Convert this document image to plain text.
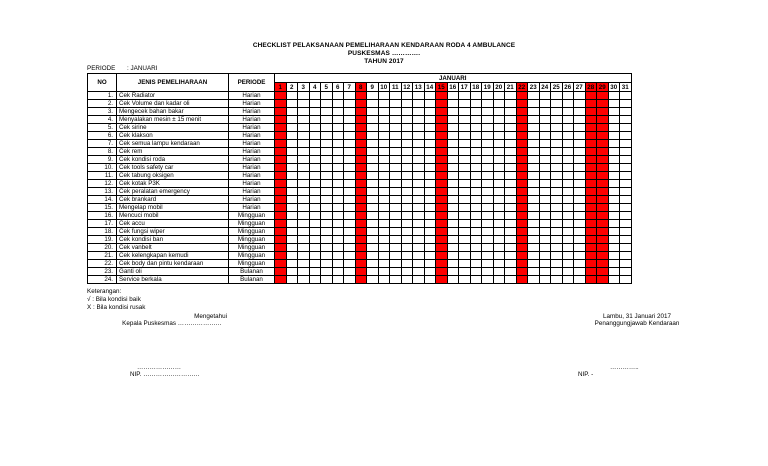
CHECKLIST PELAKSANAAN PEMELIHARAAN KENDARAAN RODA 4 AMBULANCE
PUSKESMAS ………….
TAHUN 2017
PERIODE : JANUARI
NO	JENIS PEMELIHARAAN	PERIODE	JANUARI																														
			1	2	3	4	5	6	7	8	9	10	11	12	13	14	15	16	17	18	19	20	21	22	23	24	25	26	27	28	29	30	31
1.	Cek Radiator	Harian																															
2.	Cek Volume dan kadar oli	Harian																															
3.	Mengecek bahan bakar	Harian																															
4.	Menyalakan mesin ± 15 menit	Harian																															
5.	Cek sirine	Harian																															
6.	Cek klakson	Harian																															
7.	Cek semua lampu kendaraan	Harian																															
8.	Cek rem	Harian																															
9.	Cek kondisi roda	Harian																															
10.	Cek tools safety car	Harian																															
11.	Cek tabung oksigen	Harian																															
12.	Cek kotak P3K	Harian																															
13.	Cek peralatan emergency	Harian																															
14.	Cek brankard	Harian																															
15.	Mengelap mobil	Harian																															
16.	Mencuci mobil	Mingguan																															
17.	Cek accu	Mingguan																															
18.	Cek fungsi wiper	Mingguan																															
19.	Cek kondisi ban	Mingguan																															
20.	Cek vanbelt	Mingguan																															
21.	Cek kelengkapan kemudi	Mingguan																															
22.	Cek body dan pintu kendaraan	Mingguan																															
23.	Ganti oli	Bulanan																															
24.	Service berkala	Bulanan																															
Keterangan:
√ : Bila kondisi baik
X : Bila kondisi rusak
Mengetahui
Kepala Puskesmas …………………
…………………
NIP. ………………………
Lambu, 31 Januari 2017
Penanggungjawab Kendaraan
…………..
NIP. -
